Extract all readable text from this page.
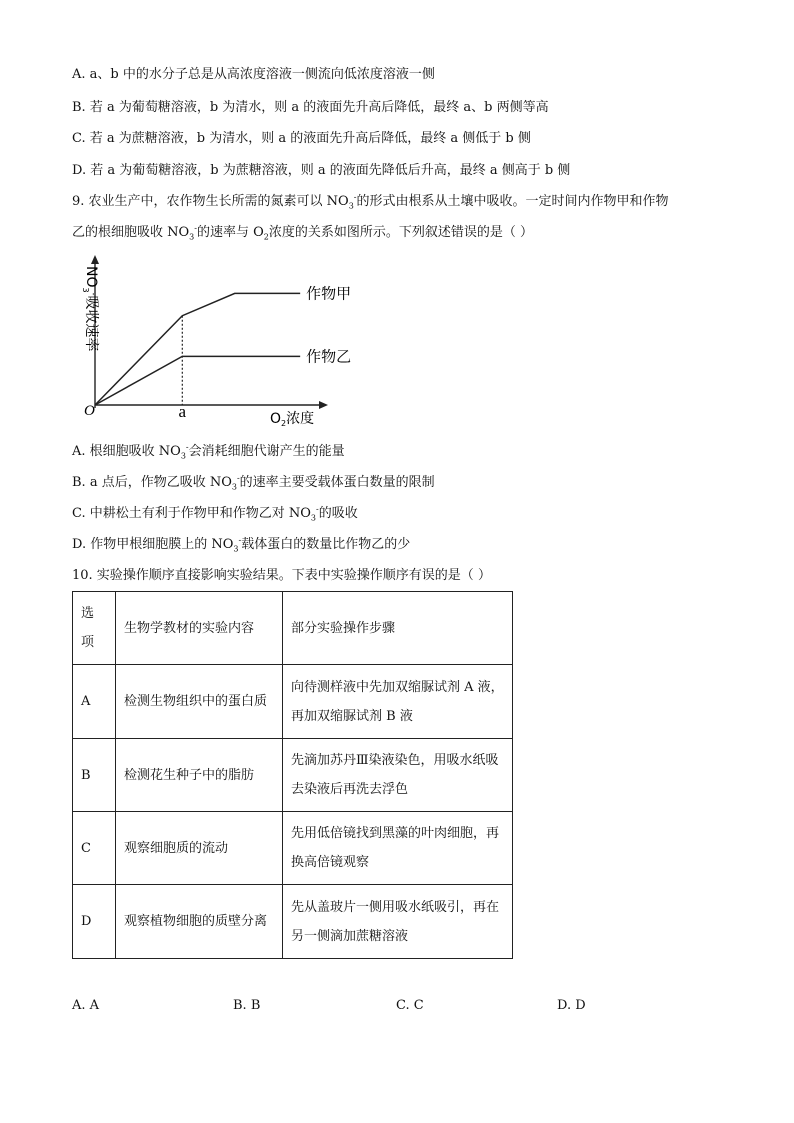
A. a、b 中的水分子总是从高浓度溶液一侧流向低浓度溶液一侧
B. 若 a 为葡萄糖溶液，b 为清水，则 a 的液面先升高后降低，最终 a、b 两侧等高
C. 若 a 为蔗糖溶液，b 为清水，则 a 的液面先升高后降低，最终 a 侧低于 b 侧
D. 若 a 为葡萄糖溶液，b 为蔗糖溶液，则 a 的液面先降低后升高，最终 a 侧高于 b 侧
9. 农业生产中，农作物生长所需的氮素可以 $NO_3^-$的形式由根系从土壤中吸收。一定时间内作物甲和作物
乙的根细胞吸收 $NO_3^-$的速率与 $O_2$浓度的关系如图所示。下列叙述错误的是（ ）
O	a	$O_2$浓度
$NO_3^-$吸收速率
作物甲
作物乙
A. 根细胞吸收 $NO_3^-$会消耗细胞代谢产生的能量
B. a 点后，作物乙吸收 $NO_3^-$的速率主要受载体蛋白数量的限制
C. 中耕松土有利于作物甲和作物乙对 $NO_3^-$的吸收
D. 作物甲根细胞膜上的 $NO_3^-$载体蛋白的数量比作物乙的少
10. 实验操作顺序直接影响实验结果。下表中实验操作顺序有误的是（ ）
选
项	生物学教材的实验内容	部分实验操作步骤
A	检测生物组织中的蛋白质	向待测样液中先加双缩脲试剂 A 液，再加双缩脲试剂 B 液
B	检测花生种子中的脂肪	先滴加苏丹Ⅲ染液染色，用吸水纸吸去染液后再洗去浮色
C	观察细胞质的流动	先用低倍镜找到黑藻的叶肉细胞，再换高倍镜观察
D	观察植物细胞的质壁分离	先从盖玻片一侧用吸水纸吸引，再在另一侧滴加蔗糖溶液
A. A	B. B	C. C	D. D
